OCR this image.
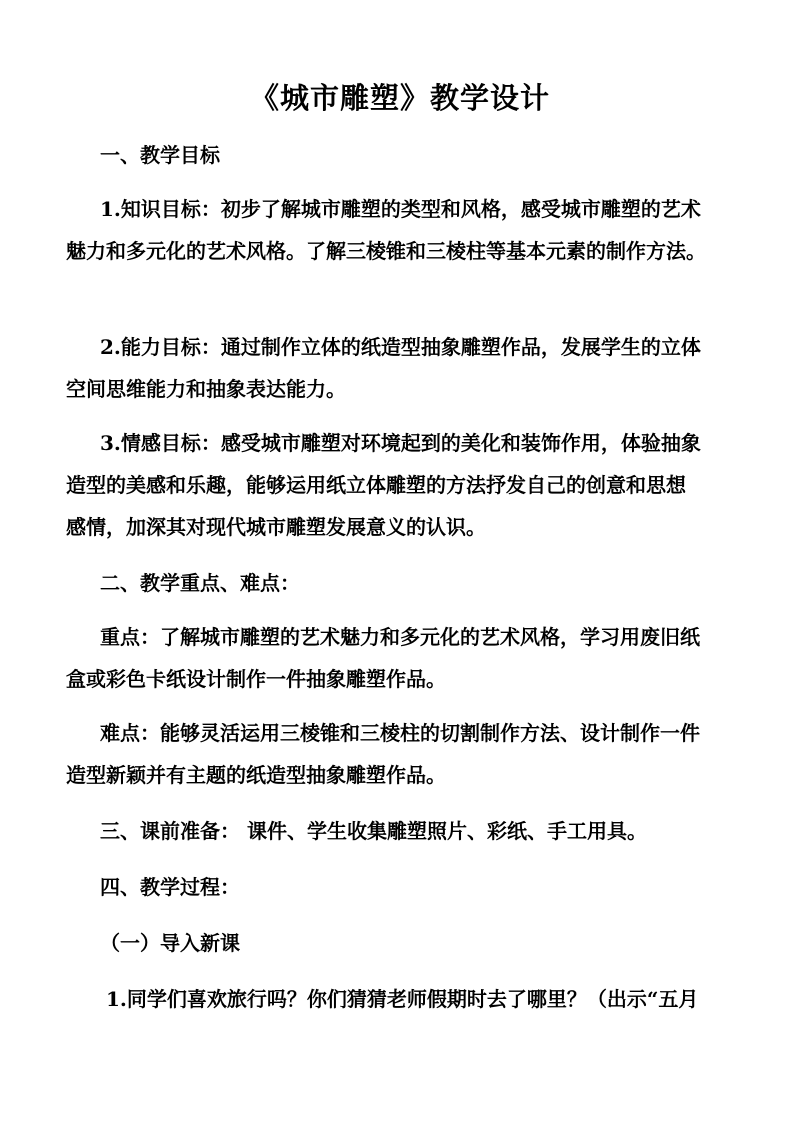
《城市雕塑》教学设计
一、教学目标
1.知识目标：初步了解城市雕塑的类型和风格，感受城市雕塑的艺术
魅力和多元化的艺术风格。了解三棱锥和三棱柱等基本元素的制作方法。
2.能力目标：通过制作立体的纸造型抽象雕塑作品，发展学生的立体
空间思维能力和抽象表达能力。
3.情感目标：感受城市雕塑对环境起到的美化和装饰作用，体验抽象
造型的美感和乐趣，能够运用纸立体雕塑的方法抒发自己的创意和思想
感情，加深其对现代城市雕塑发展意义的认识。
二、教学重点、难点：
重点：了解城市雕塑的艺术魅力和多元化的艺术风格，学习用废旧纸
盒或彩色卡纸设计制作一件抽象雕塑作品。
难点：能够灵活运用三棱锥和三棱柱的切割制作方法、设计制作一件
造型新颖并有主题的纸造型抽象雕塑作品。
三、课前准备： 课件、学生收集雕塑照片、彩纸、手工用具。
四、教学过程：
（一）导入新课
1.同学们喜欢旅行吗？你们猜猜老师假期时去了哪里？（出示“五月
